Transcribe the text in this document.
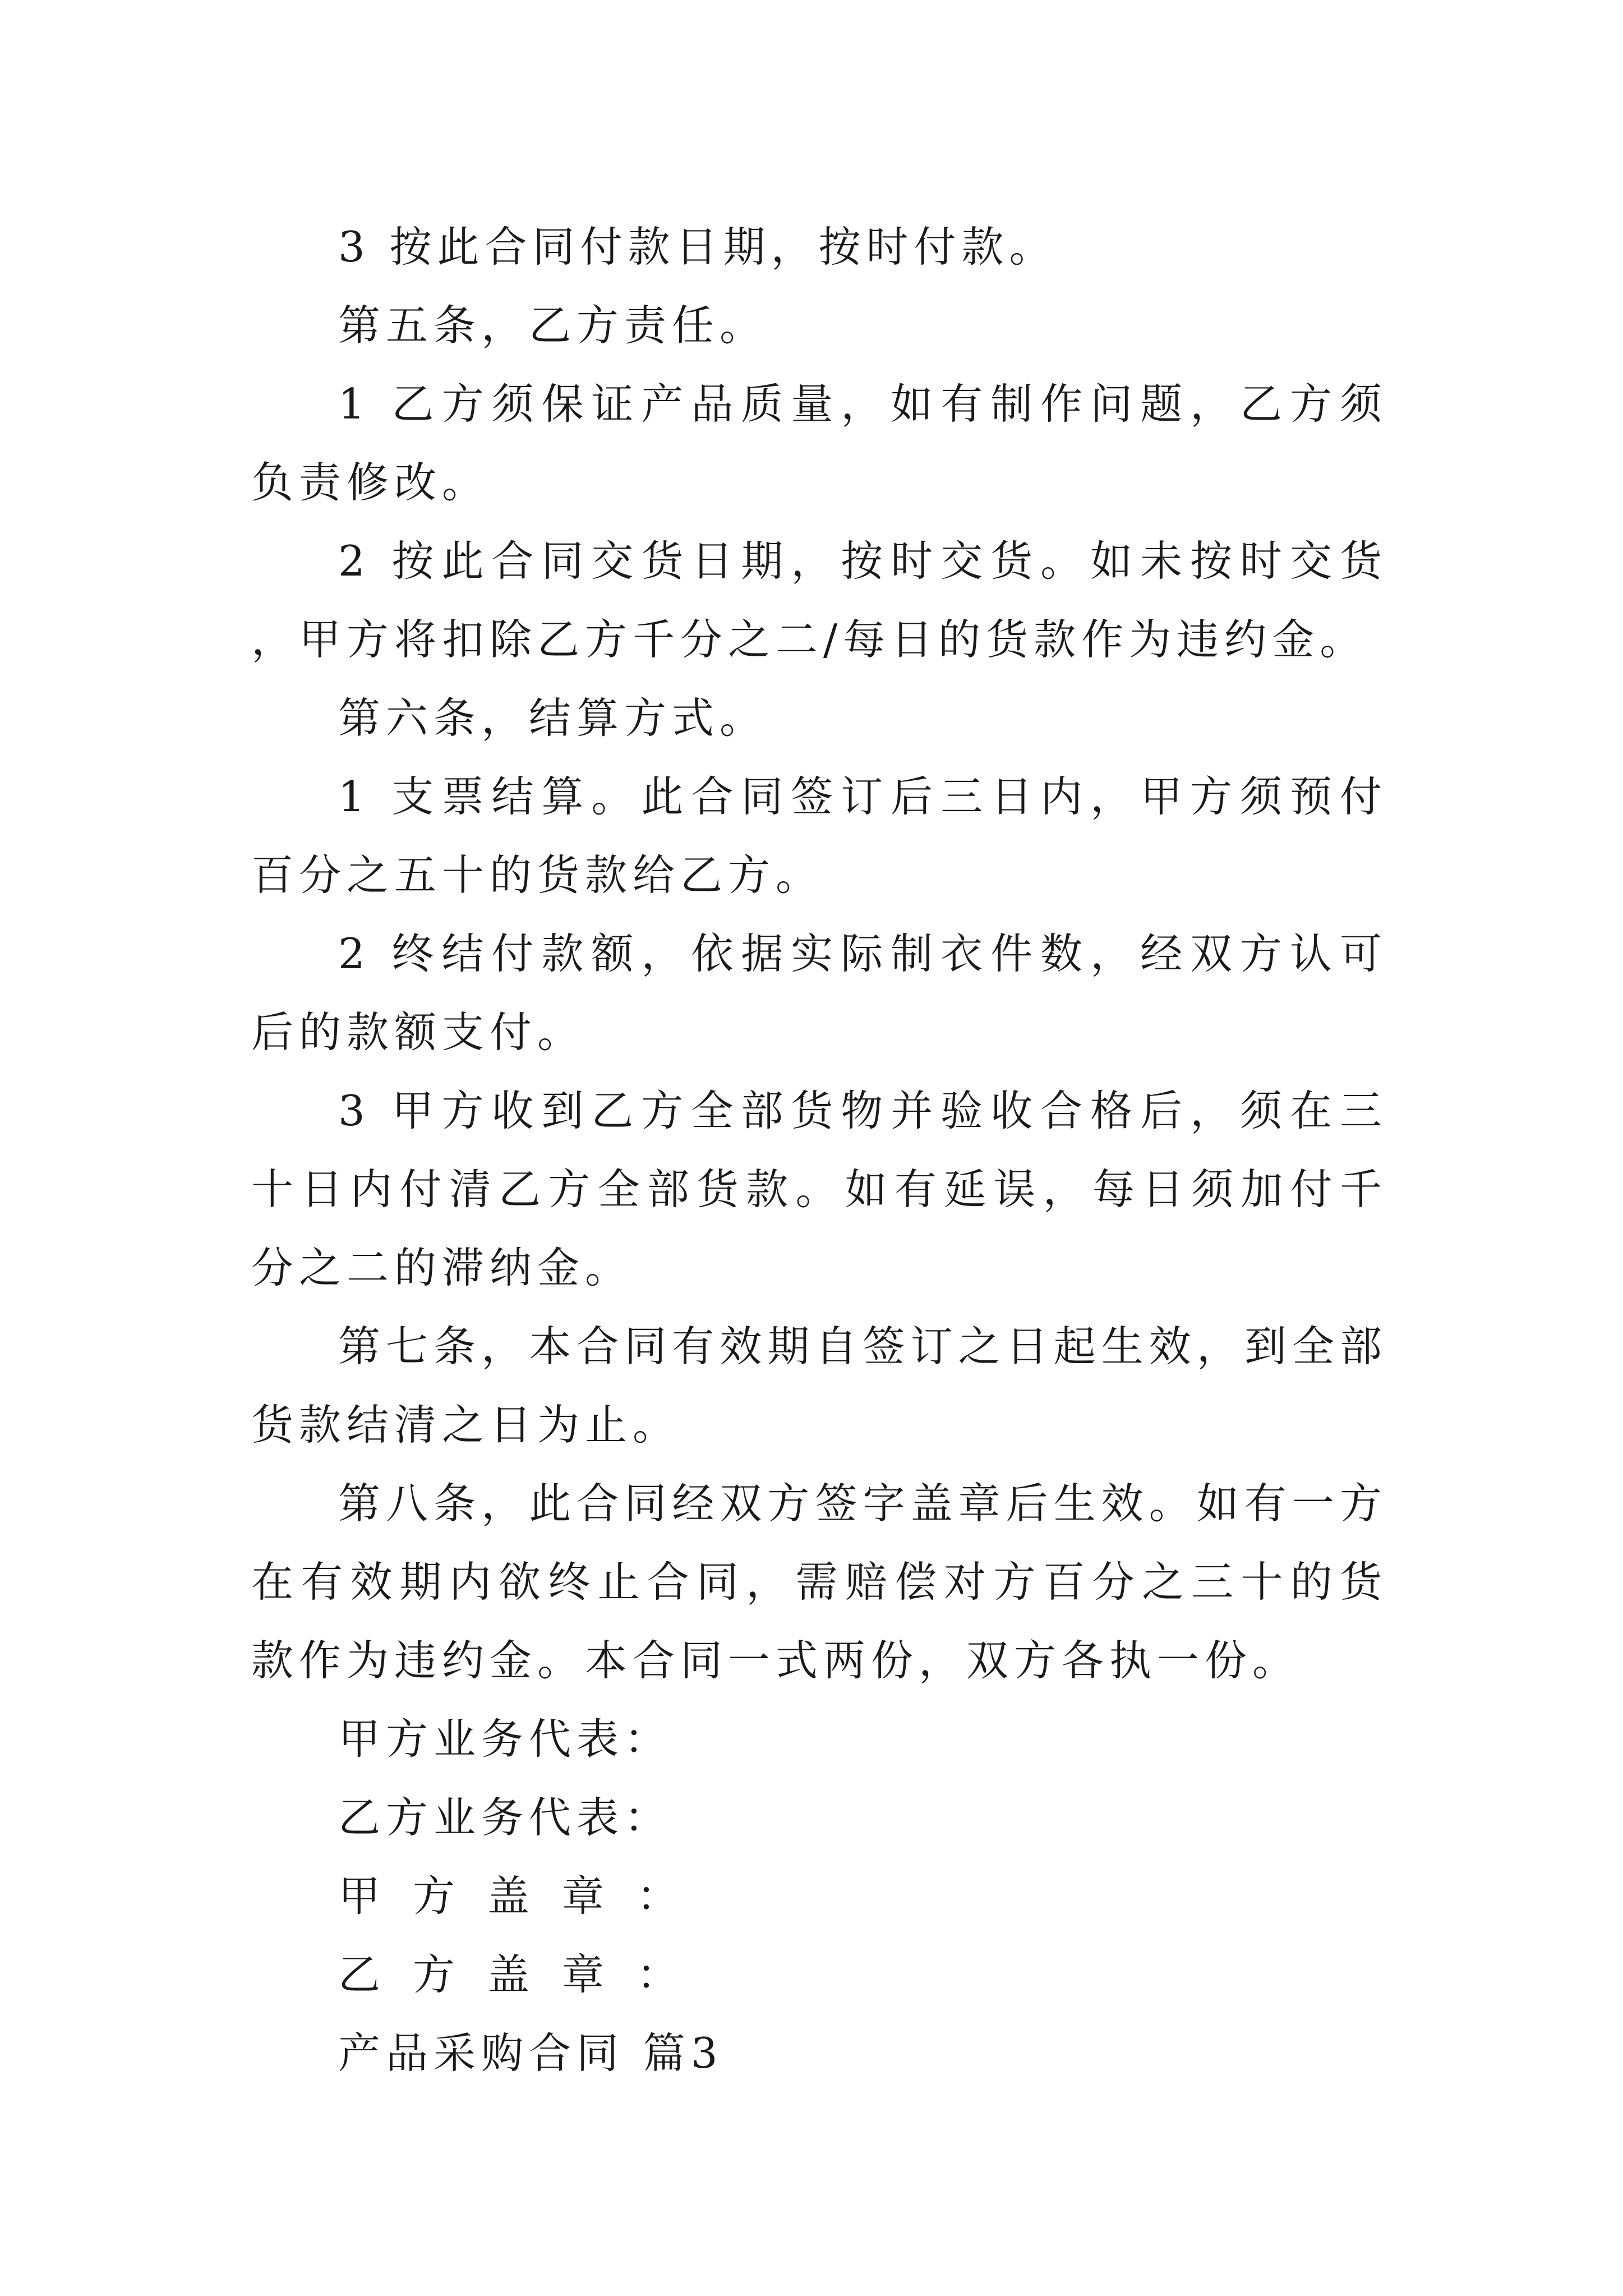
3 按此合同付款日期，按时付款。

第五条，乙方责任。

1 乙方须保证产品质量，如有制作问题，乙方须负责修改。

2 按此合同交货日期，按时交货。如未按时交货，甲方将扣除乙方千分之二/每日的货款作为违约金。

第六条，结算方式。

1 支票结算。此合同签订后三日内，甲方须预付百分之五十的货款给乙方。

2 终结付款额，依据实际制衣件数，经双方认可后的款额支付。

3 甲方收到乙方全部货物并验收合格后，须在三十日内付清乙方全部货款。如有延误，每日须加付千分之二的滞纳金。

第七条，本合同有效期自签订之日起生效，到全部货款结清之日为止。

第八条，此合同经双方签字盖章后生效。如有一方在有效期内欲终止合同，需赔偿对方百分之三十的货款作为违约金。本合同一式两份，双方各执一份。

甲方业务代表：

乙方业务代表：

甲方盖章：

乙方盖章：

产品采购合同 篇3
